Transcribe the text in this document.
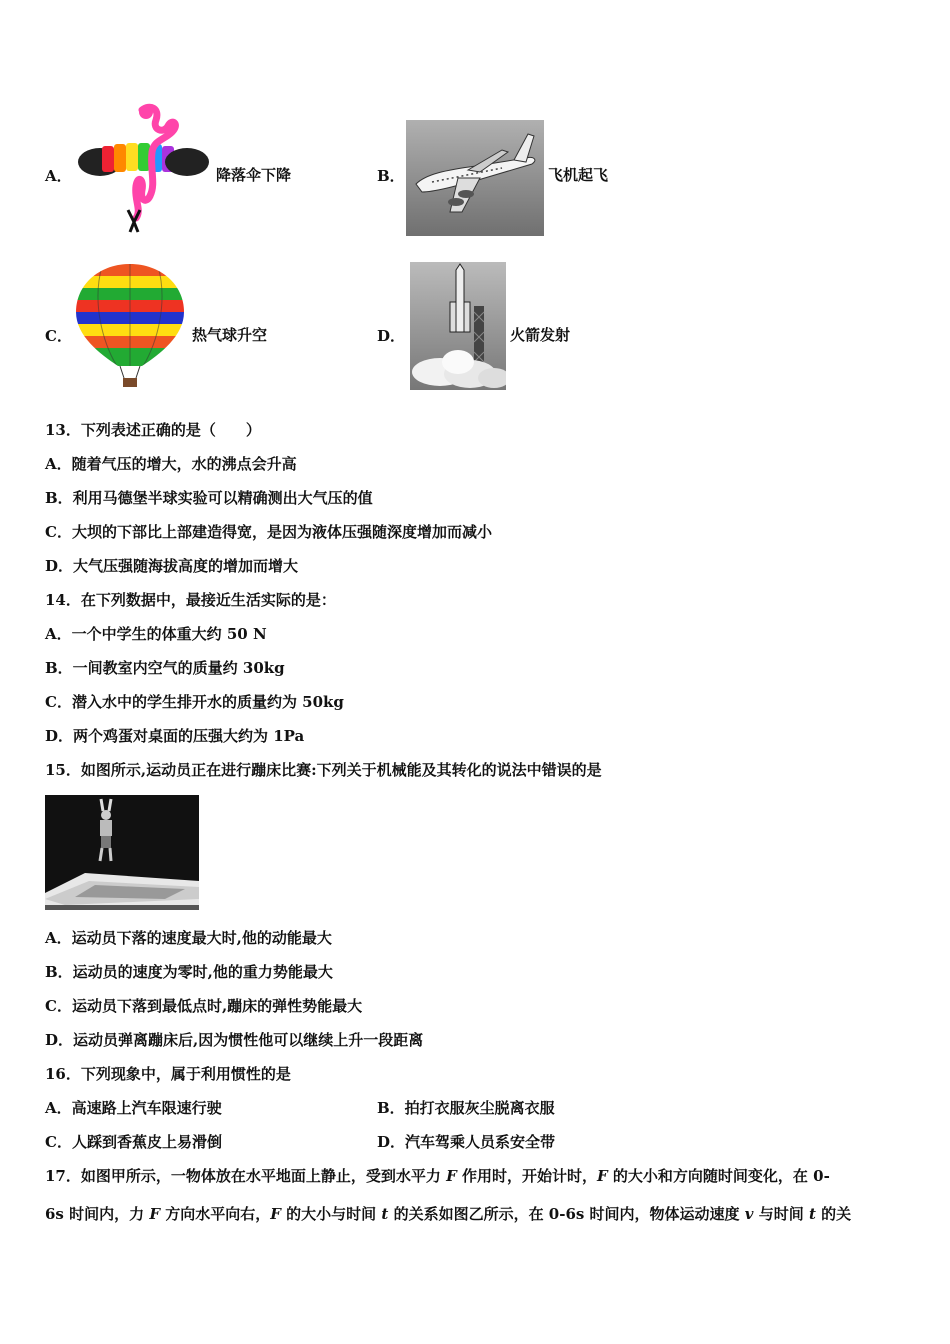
A．	降落伞下降	B．	飞机起飞
C．	热气球升空	D．	火箭发射
13．下列表述正确的是（　　）
A．随着气压的增大，水的沸点会升高
B．利用马德堡半球实验可以精确测出大气压的值
C．大坝的下部比上部建造得宽，是因为液体压强随深度增加而减小
D．大气压强随海拔高度的增加而增大
14．在下列数据中，最接近生活实际的是：
A．一个中学生的体重大约 50 N
B．一间教室内空气的质量约 30kg
C．潜入水中的学生排开水的质量约为 50kg
D．两个鸡蛋对桌面的压强大约为 1Pa
15．如图所示,运动员正在进行蹦床比赛:下列关于机械能及其转化的说法中错误的是
A．运动员下落的速度最大时,他的动能最大
B．运动员的速度为零时,他的重力势能最大
C．运动员下落到最低点时,蹦床的弹性势能最大
D．运动员弹离蹦床后,因为惯性他可以继续上升一段距离
16．下列现象中，属于利用惯性的是
A．高速路上汽车限速行驶	B．拍打衣服灰尘脱离衣服
C．人踩到香蕉皮上易滑倒	D．汽车驾乘人员系安全带
17．如图甲所示，一物体放在水平地面上静止，受到水平力 F 作用时，开始计时，F 的大小和方向随时间变化，在 0-
6s 时间内，力 F 方向水平向右，F 的大小与时间 t 的关系如图乙所示，在 0-6s 时间内，物体运动速度 v 与时间 t 的关
